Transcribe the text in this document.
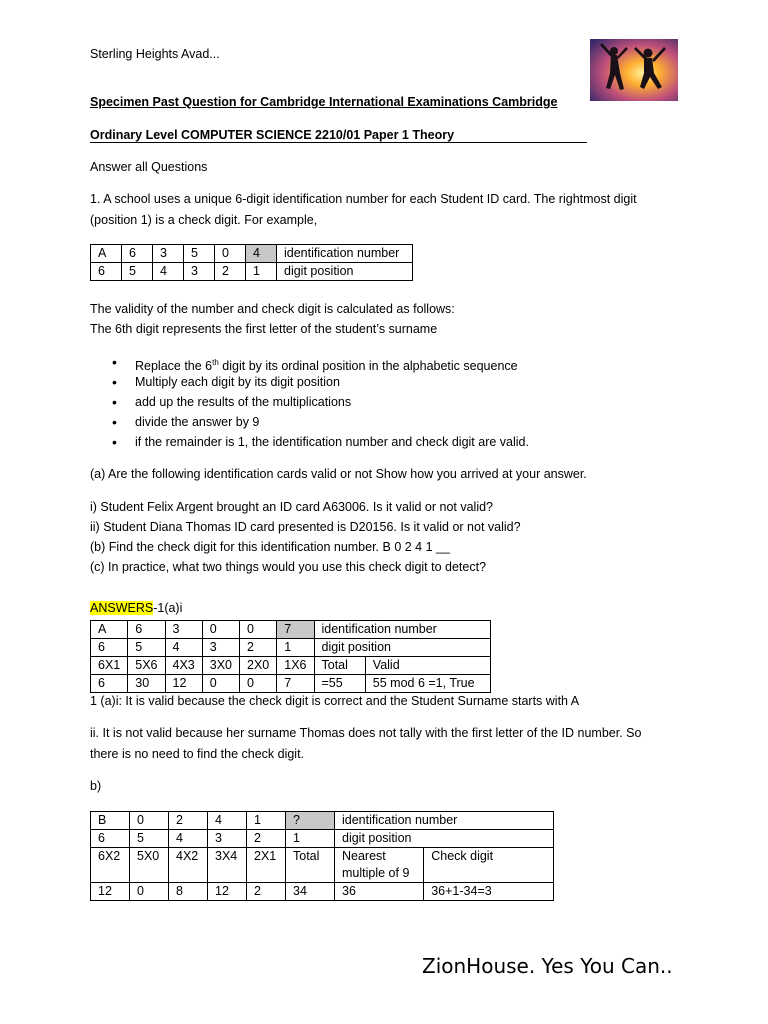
Sterling Heights Avad...
Specimen Past Question for Cambridge International Examinations Cambridge
Ordinary Level COMPUTER SCIENCE 2210/01 Paper 1 Theory
Answer all Questions
1. A school uses a unique 6-digit identification number for each Student ID card. The rightmost digit
(position 1) is a check digit. For example,
A	6	3	5	0	4	identification number
6	5	4	3	2	1	digit position
The validity of the number and check digit is calculated as follows:
The 6th digit represents the first letter of the student’s surname
• Replace the 6th digit by its ordinal position in the alphabetic sequence
• Multiply each digit by its digit position
• add up the results of the multiplications
• divide the answer by 9
• if the remainder is 1, the identification number and check digit are valid.
(a) Are the following identification cards valid or not Show how you arrived at your answer.
i) Student Felix Argent brought an ID card A63006. Is it valid or not valid?
ii) Student Diana Thomas ID card presented is D20156. Is it valid or not valid?
(b) Find the check digit for this identification number. B 0 2 4 1 __
(c) In practice, what two things would you use this check digit to detect?
ANSWERS-1(a)i
A	6	3	0	0	7	identification number	
6	5	4	3	2	1	digit position	
6X1	5X6	4X3	3X0	2X0	1X6	Total	Valid
6	30	12	0	0	7	=55	55 mod 6 =1, True
1 (a)i: It is valid because the check digit is correct and the Student Surname starts with A
ii. It is not valid because her surname Thomas does not tally with the first letter of the ID number. So
there is no need to find the check digit.
b)
B	0	2	4	1	?	identification number	
6	5	4	3	2	1	digit position	
6X2	5X0	4X2	3X4	2X1	Total	Nearest
multiple of 9	Check digit
12	0	8	12	2	34	36	36+1-34=3
ZionHouse. Yes You Can..
